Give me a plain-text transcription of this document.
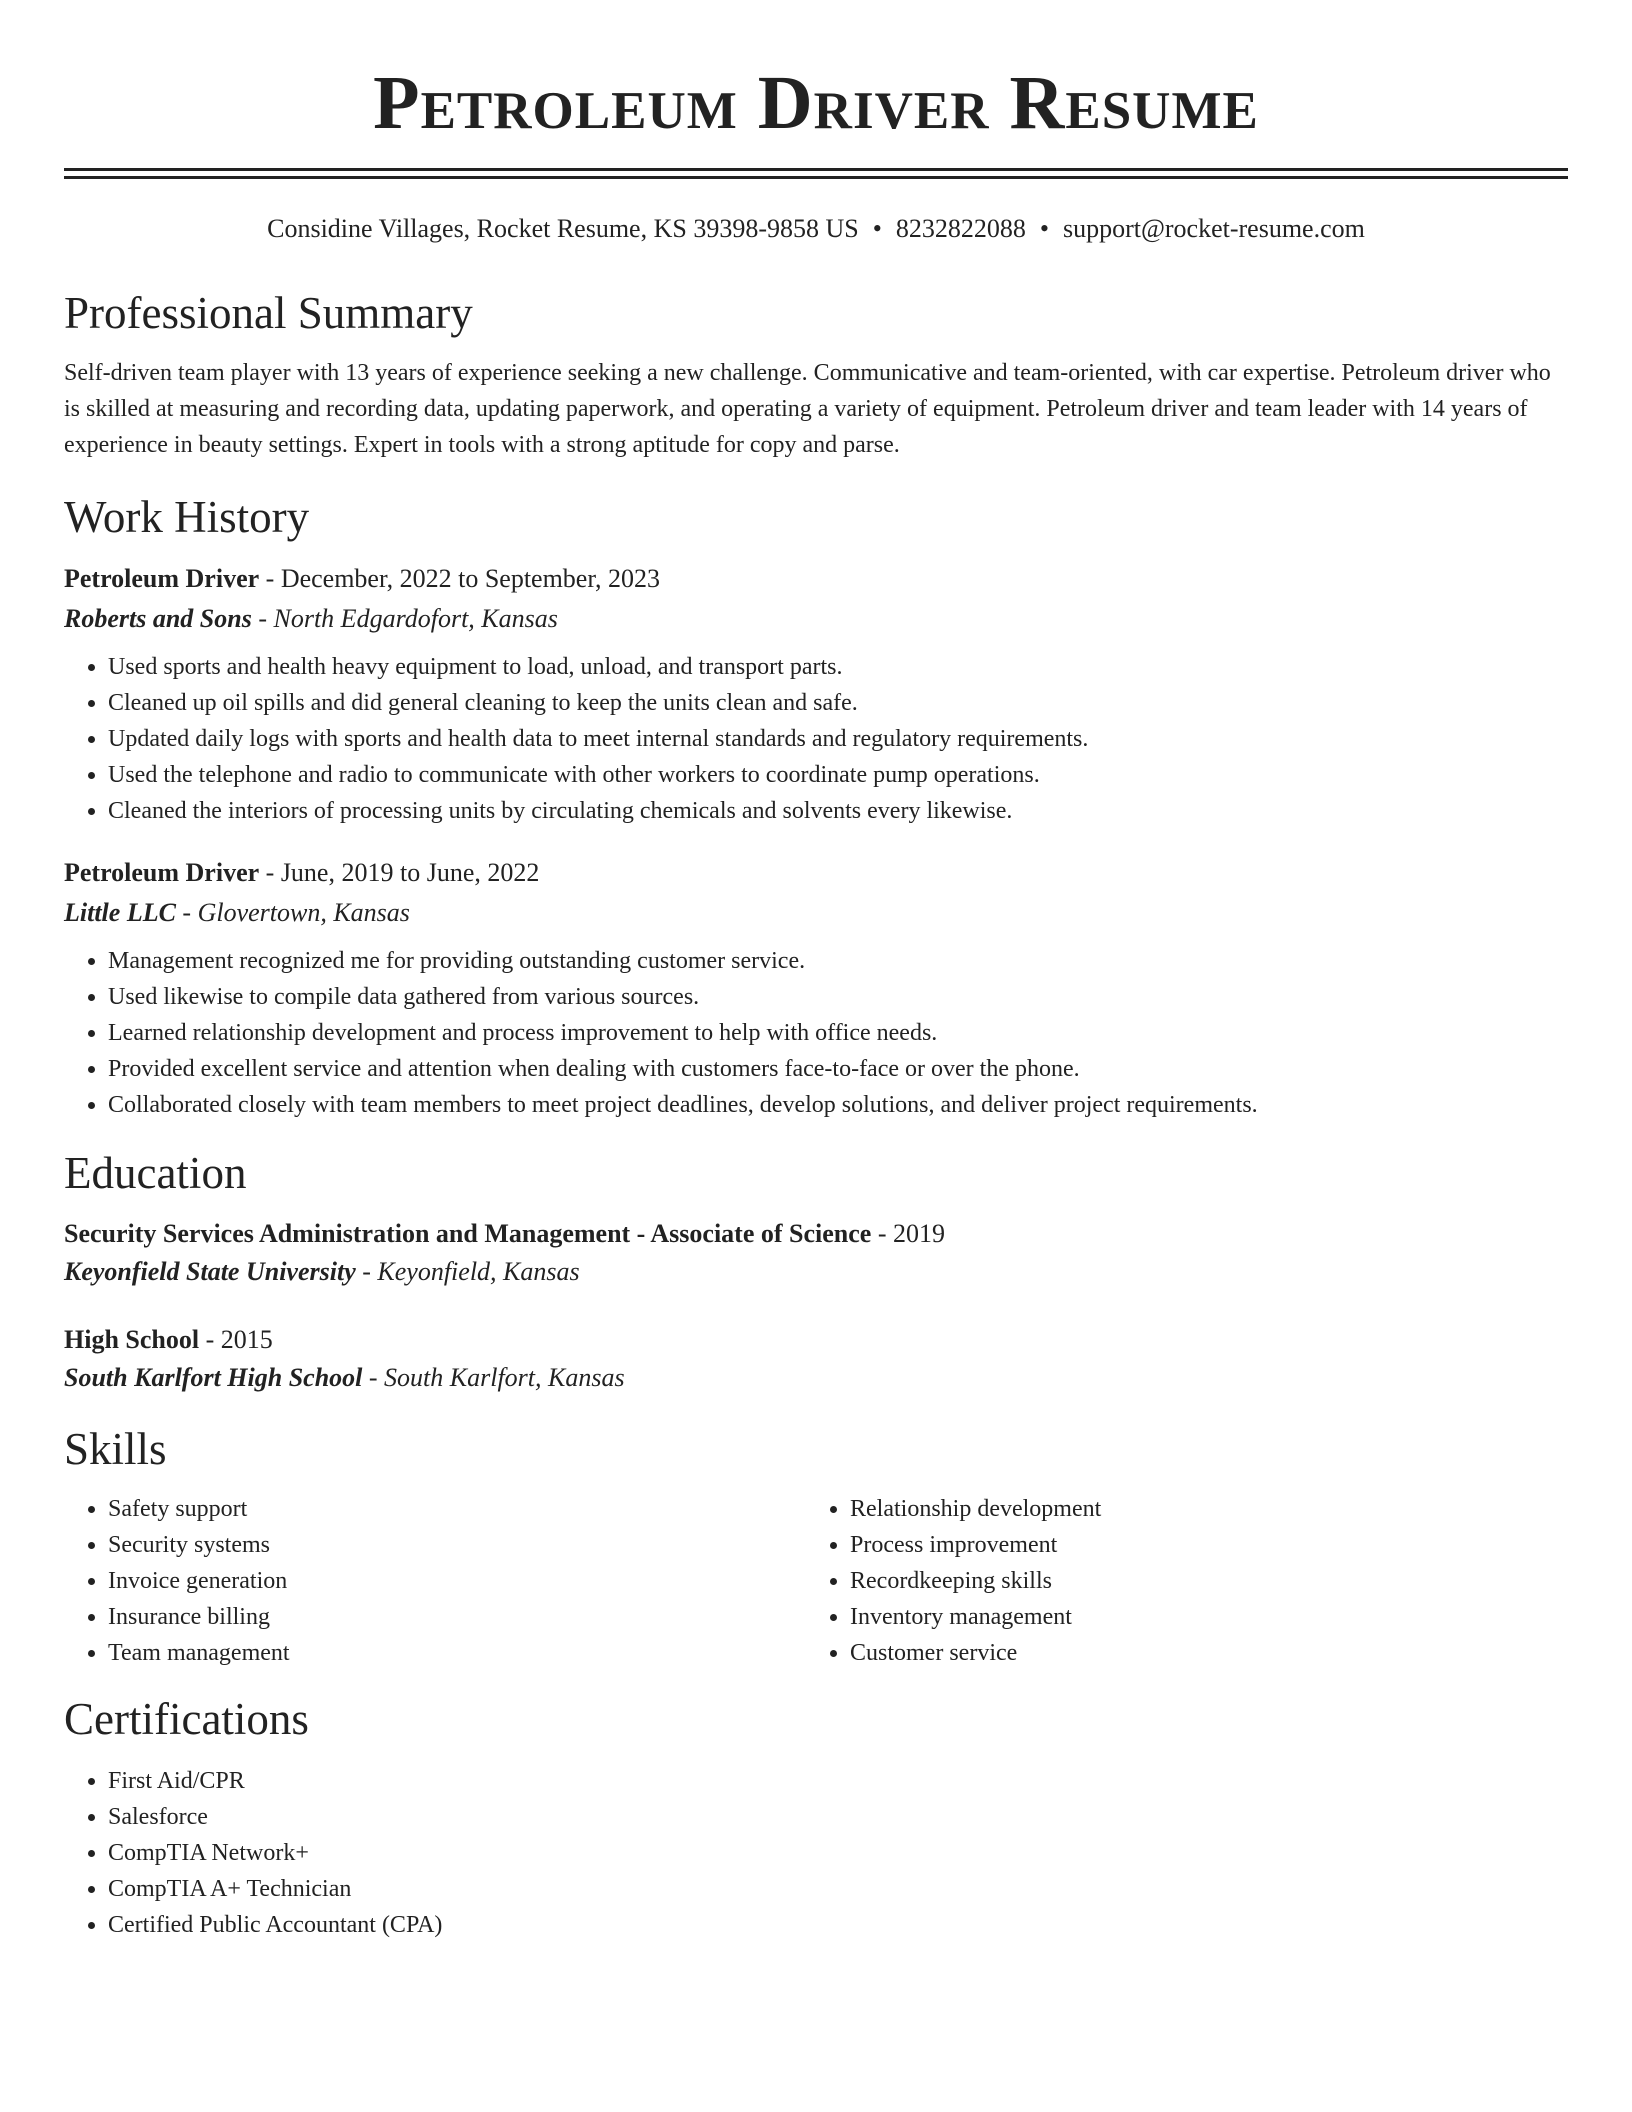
Petroleum Driver Resume
Considine Villages, Rocket Resume, KS 39398-9858 US • 8232822088 • support@rocket-resume.com
Professional Summary

Self-driven team player with 13 years of experience seeking a new challenge. Communicative and team-oriented, with car expertise. Petroleum driver who is skilled at measuring and recording data, updating paperwork, and operating a variety of equipment. Petroleum driver and team leader with 14 years of experience in beauty settings. Expert in tools with a strong aptitude for copy and parse.

Work History
Petroleum Driver - December, 2022 to September, 2023
Roberts and Sons - North Edgardofort, Kansas
• Used sports and health heavy equipment to load, unload, and transport parts.
• Cleaned up oil spills and did general cleaning to keep the units clean and safe.
• Updated daily logs with sports and health data to meet internal standards and regulatory requirements.
• Used the telephone and radio to communicate with other workers to coordinate pump operations.
• Cleaned the interiors of processing units by circulating chemicals and solvents every likewise.
Petroleum Driver - June, 2019 to June, 2022
Little LLC - Glovertown, Kansas
• Management recognized me for providing outstanding customer service.
• Used likewise to compile data gathered from various sources.
• Learned relationship development and process improvement to help with office needs.
• Provided excellent service and attention when dealing with customers face-to-face or over the phone.
• Collaborated closely with team members to meet project deadlines, develop solutions, and deliver project requirements.
Education
Security Services Administration and Management - Associate of Science - 2019
Keyonfield State University - Keyonfield, Kansas
High School - 2015
South Karlfort High School - South Karlfort, Kansas
Skills
• Safety support
• Security systems
• Invoice generation
• Insurance billing
• Team management
• Relationship development
• Process improvement
• Recordkeeping skills
• Inventory management
• Customer service
Certifications
• First Aid/CPR
• Salesforce
• CompTIA Network+
• CompTIA A+ Technician
• Certified Public Accountant (CPA)
